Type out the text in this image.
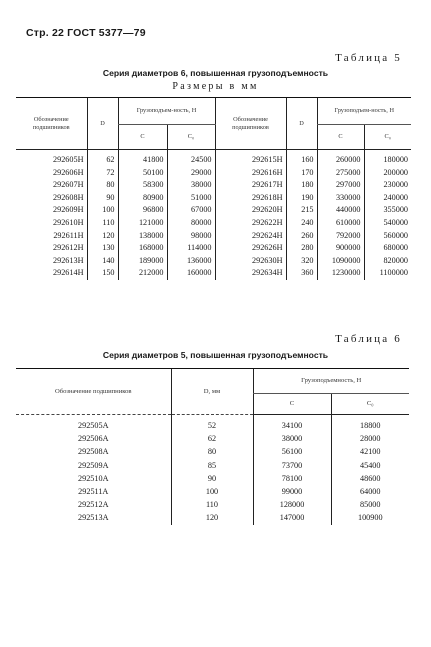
Стр. 22 ГОСТ 5377—79
Таблица 5
Серия диаметров 6, повышенная грузоподъемность
Размеры в мм
Обозначение подшипников	D	Грузоподъем-ность, Н		Обозначение подшипников	D	Грузоподъем-ность, Н	
		C	C₀			C	C₀
292605Н	62	41800	24500	292615Н	160	260000	180000
292606Н	72	50100	29000	292616Н	170	275000	200000
292607Н	80	58300	38000	292617Н	180	297000	230000
292608Н	90	80900	51000	292618Н	190	330000	240000
292609Н	100	96800	67000	292620Н	215	440000	355000
292610Н	110	121000	80000	292622Н	240	610000	540000
292611Н	120	138000	98000	292624Н	260	792000	560000
292612Н	130	168000	114000	292626Н	280	900000	680000
292613Н	140	189000	136000	292630Н	320	1090000	820000
292614Н	150	212000	160000	292634Н	360	1230000	1100000
Таблица 6
Серия диаметров 5, повышенная грузоподъемность
Обозначение подшипников	D, мм	Грузоподъемность, Н	
		C	C₀
292505А	52	34100	18800
292506А	62	38000	28000
292508А	80	56100	42100
292509А	85	73700	45400
292510А	90	78100	48600
292511А	100	99000	64000
292512А	110	128000	85000
292513А	120	147000	100900
